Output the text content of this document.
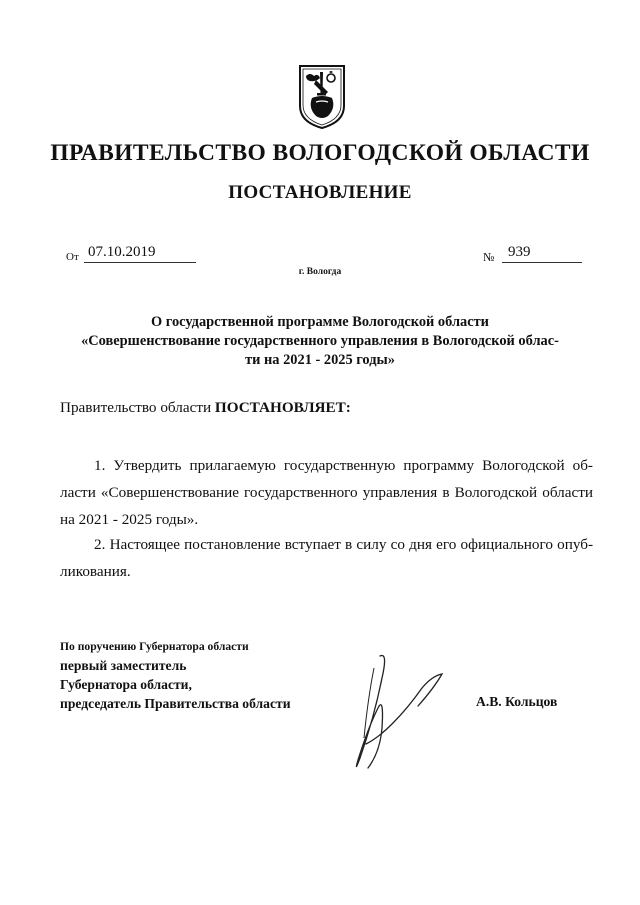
ПРАВИТЕЛЬСТВО ВОЛОГОДСКОЙ ОБЛАСТИ
ПОСТАНОВЛЕНИЕ
От 07.10.2019	№ 939
г. Вологда
О государственной программе Вологодской области
«Совершенствование государственного управления в Вологодской облас-
ти на 2021 - 2025 годы»
Правительство области ПОСТАНОВЛЯЕТ:
1. Утвердить прилагаемую государственную программу Вологодской об-
ласти «Совершенствование государственного управления в Вологодской области
на 2021 - 2025 годы».
2. Настоящее постановление вступает в силу со дня его официального опуб-
ликования.
По поручению Губернатора области
первый заместитель
Губернатора области,
председатель Правительства области	А.В. Кольцов
